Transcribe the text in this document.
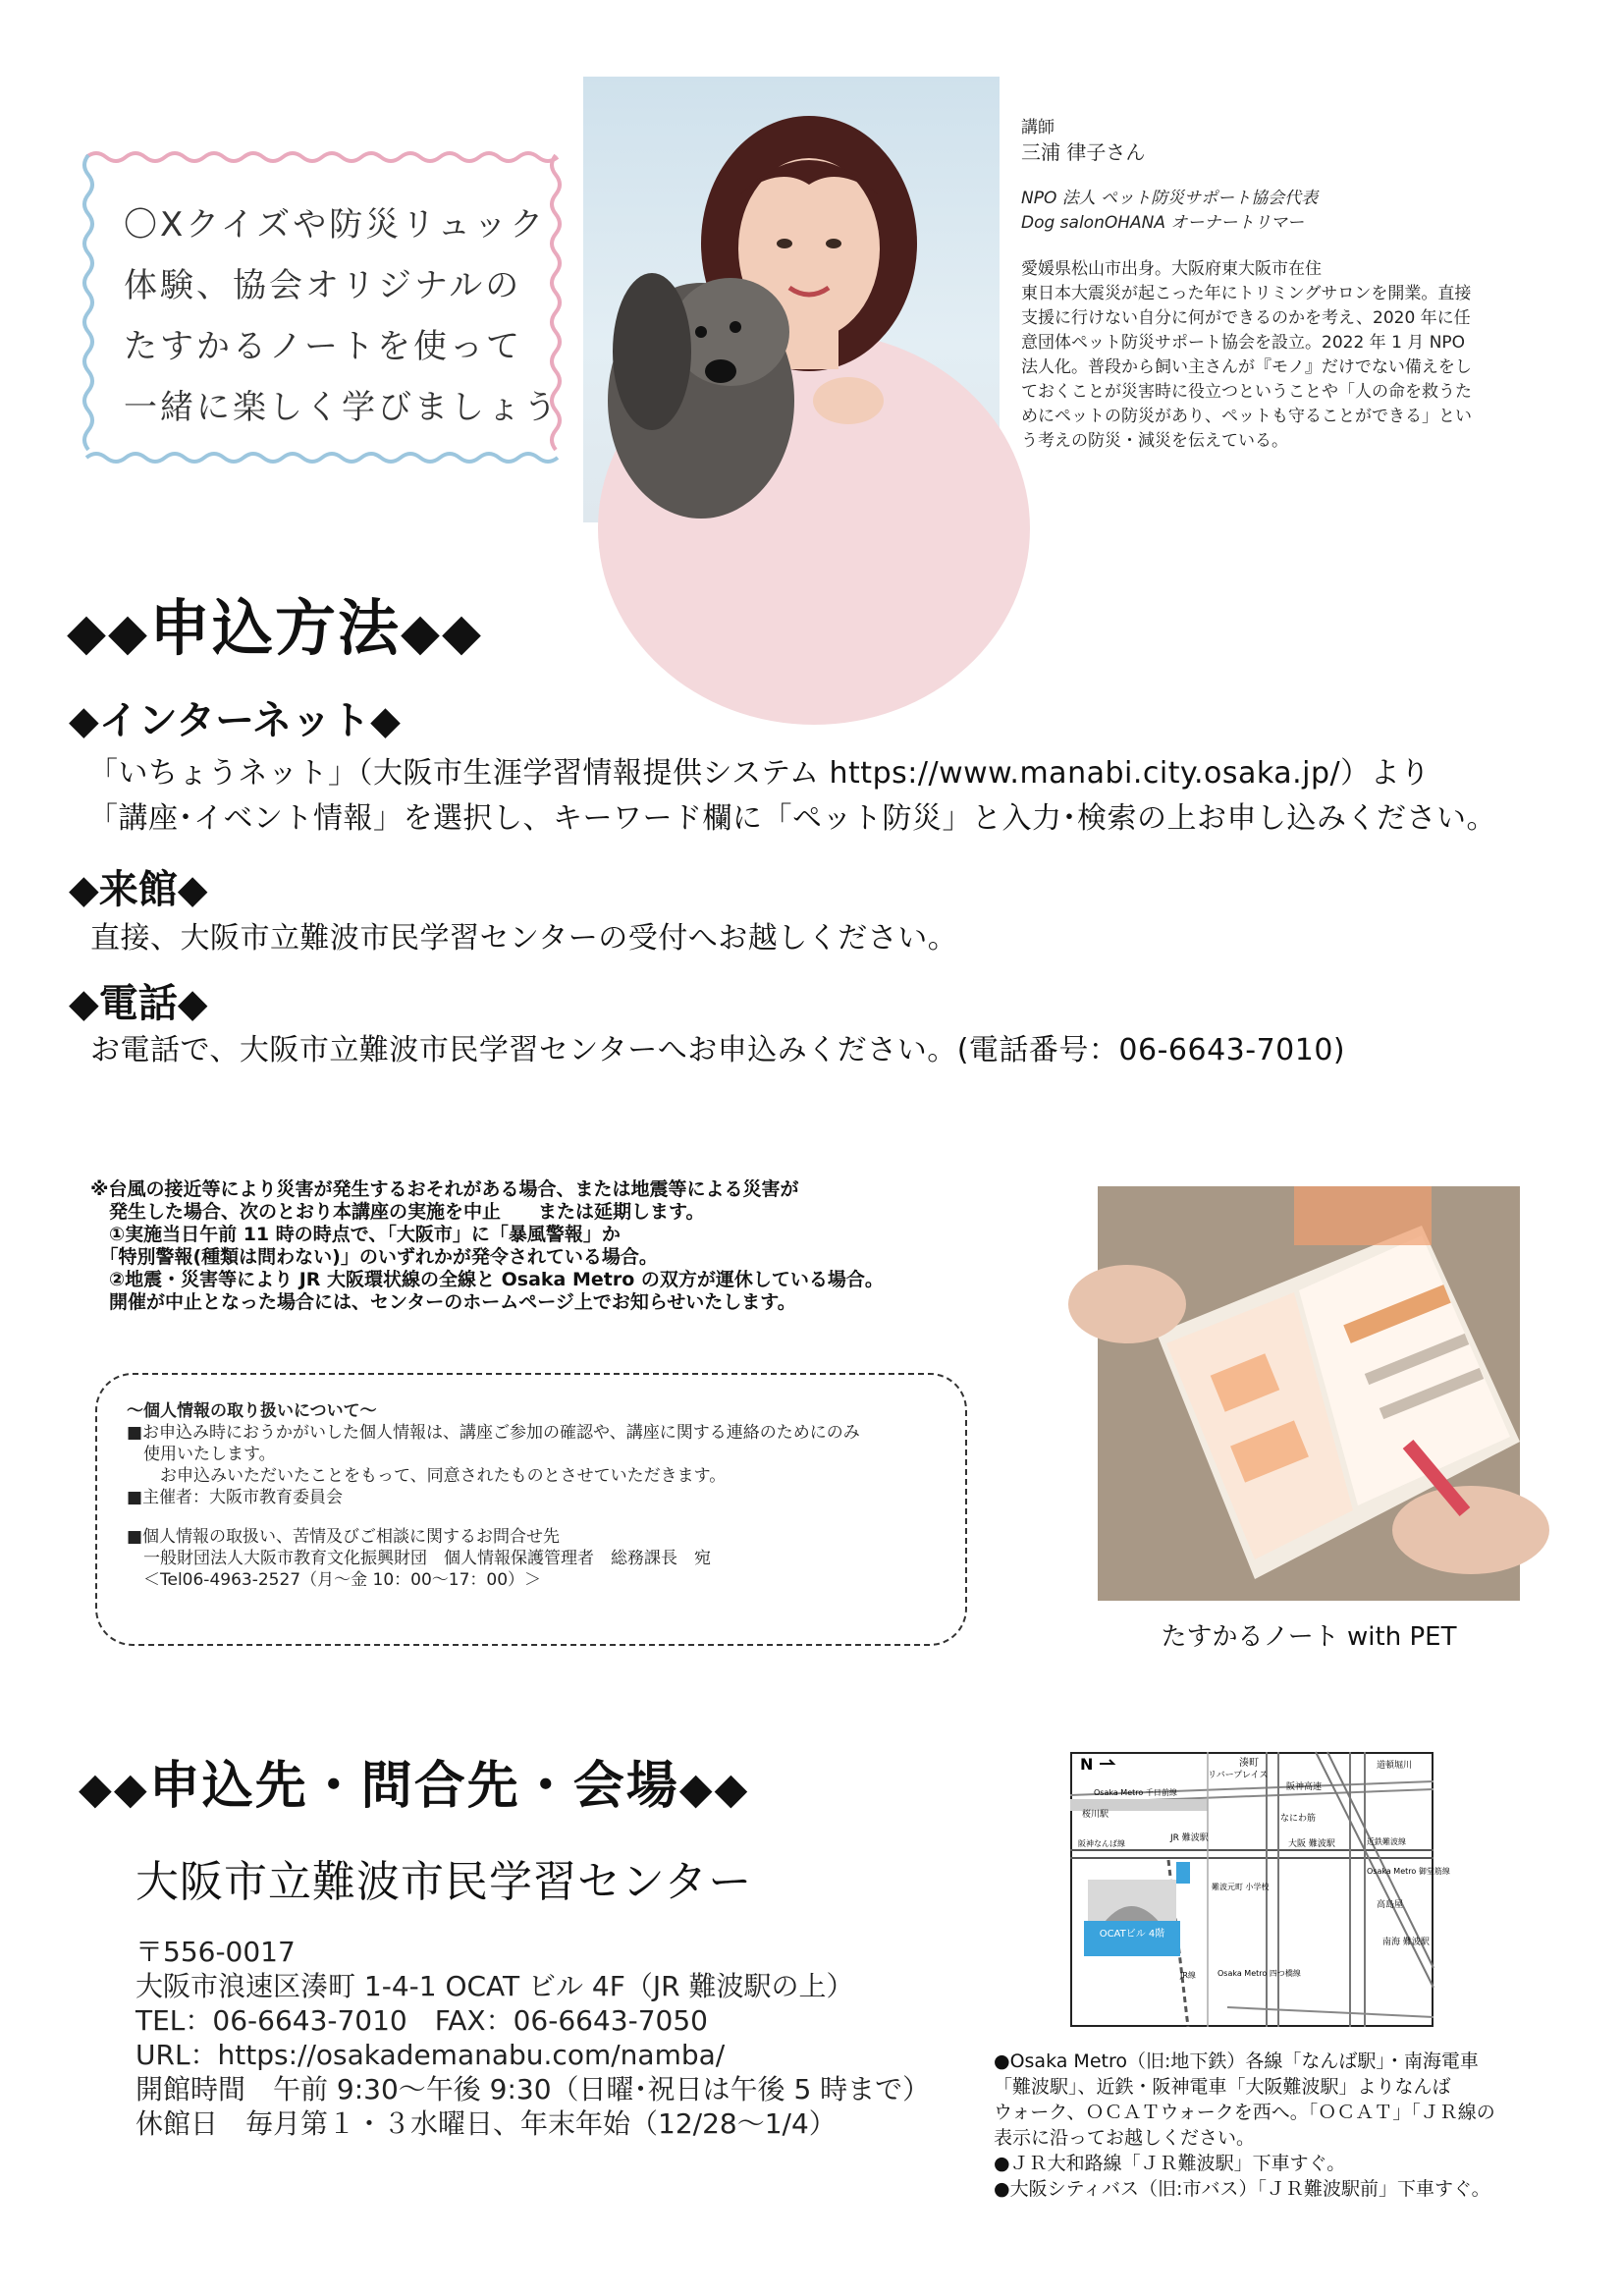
〇Xクイズや防災リュック
体験、協会オリジナルの
たすかるノートを使って
一緒に楽しく学びましょう
講師
三浦 律子さん
NPO 法人 ペット防災サポート協会代表
Dog salonOHANA オーナートリマー
愛媛県松山市出身。大阪府東大阪市在住
東日本大震災が起こった年にトリミングサロンを開業。直接
支援に行けない自分に何ができるのかを考え、2020 年に任
意団体ペット防災サポート協会を設立。2022 年 1 月 NPO
法人化。普段から飼い主さんが『モノ』だけでない備えをし
ておくことが災害時に役立つということや「人の命を救うた
めにペットの防災があり、ペットも守ることができる」とい
う考えの防災・減災を伝えている。
◆◆申込方法◆◆
◆インターネット◆
「いちょうネット」（大阪市生涯学習情報提供システム https://www.manabi.city.osaka.jp/）より
「講座･イベント情報」を選択し、キーワード欄に「ペット防災」と入力･検索の上お申し込みください。
◆来館◆
直接、大阪市立難波市民学習センターの受付へお越しください。
◆電話◆
お電話で、大阪市立難波市民学習センターへお申込みください。(電話番号：06-6643-7010)
※台風の接近等により災害が発生するおそれがある場合、または地震等による災害が
　発生した場合、次のとおり本講座の実施を中止　　または延期します。
　①実施当日午前 11 時の時点で、「大阪市」に「暴風警報」か
　「特別警報(種類は問わない)」のいずれかが発令されている場合。
　②地震・災害等により JR 大阪環状線の全線と Osaka Metro の双方が運休している場合。
　開催が中止となった場合には、センターのホームページ上でお知らせいたします。
～個人情報の取り扱いについて～
■お申込み時におうかがいした個人情報は、講座ご参加の確認や、講座に関する連絡のためにのみ
　使用いたします。
　　お申込みいただいたことをもって、同意されたものとさせていただきます。
■主催者：大阪市教育委員会
■個人情報の取扱い、苦情及びご相談に関するお問合せ先
　一般財団法人大阪市教育文化振興財団　個人情報保護管理者　総務課長　宛
　＜Tel06-4963-2527（月～金 10：00～17：00）＞
たすかるノート with PET
◆◆申込先・問合先・会場◆◆
大阪市立難波市民学習センター
〒556-0017
大阪市浪速区湊町 1-4-1 OCAT ビル 4F（JR 難波駅の上）
TEL：06-6643-7010　FAX：06-6643-7050
URL：https://osakademanabu.com/namba/
開館時間　午前 9:30～午後 9:30（日曜･祝日は午後 5 時まで）
休館日　毎月第１・３水曜日、年末年始（12/28～1/4）
OCATビル 4階
N	湊町
リバープレイス
阪神高速
道頓堀川
Osaka Metro 千日前線
桜川駅
阪神なんば線
なにわ筋
JR 難波駅
大阪 難波駅	近鉄難波線
Osaka Metro 御堂筋線
難波元町 小学校
JR線	Osaka Metro 四つ橋線
高島屋
南海 難波駅
●Osaka Metro（旧:地下鉄）各線「なんば駅」・南海電車
「難波駅」、近鉄・阪神電車「大阪難波駅」よりなんば
ウォーク、ＯＣＡＴウォークを西へ。「ＯＣＡＴ」「ＪＲ線の
表示に沿ってお越しください。
●ＪＲ大和路線「ＪＲ難波駅」下車すぐ。
●大阪シティバス（旧:市バス）「ＪＲ難波駅前」下車すぐ。
